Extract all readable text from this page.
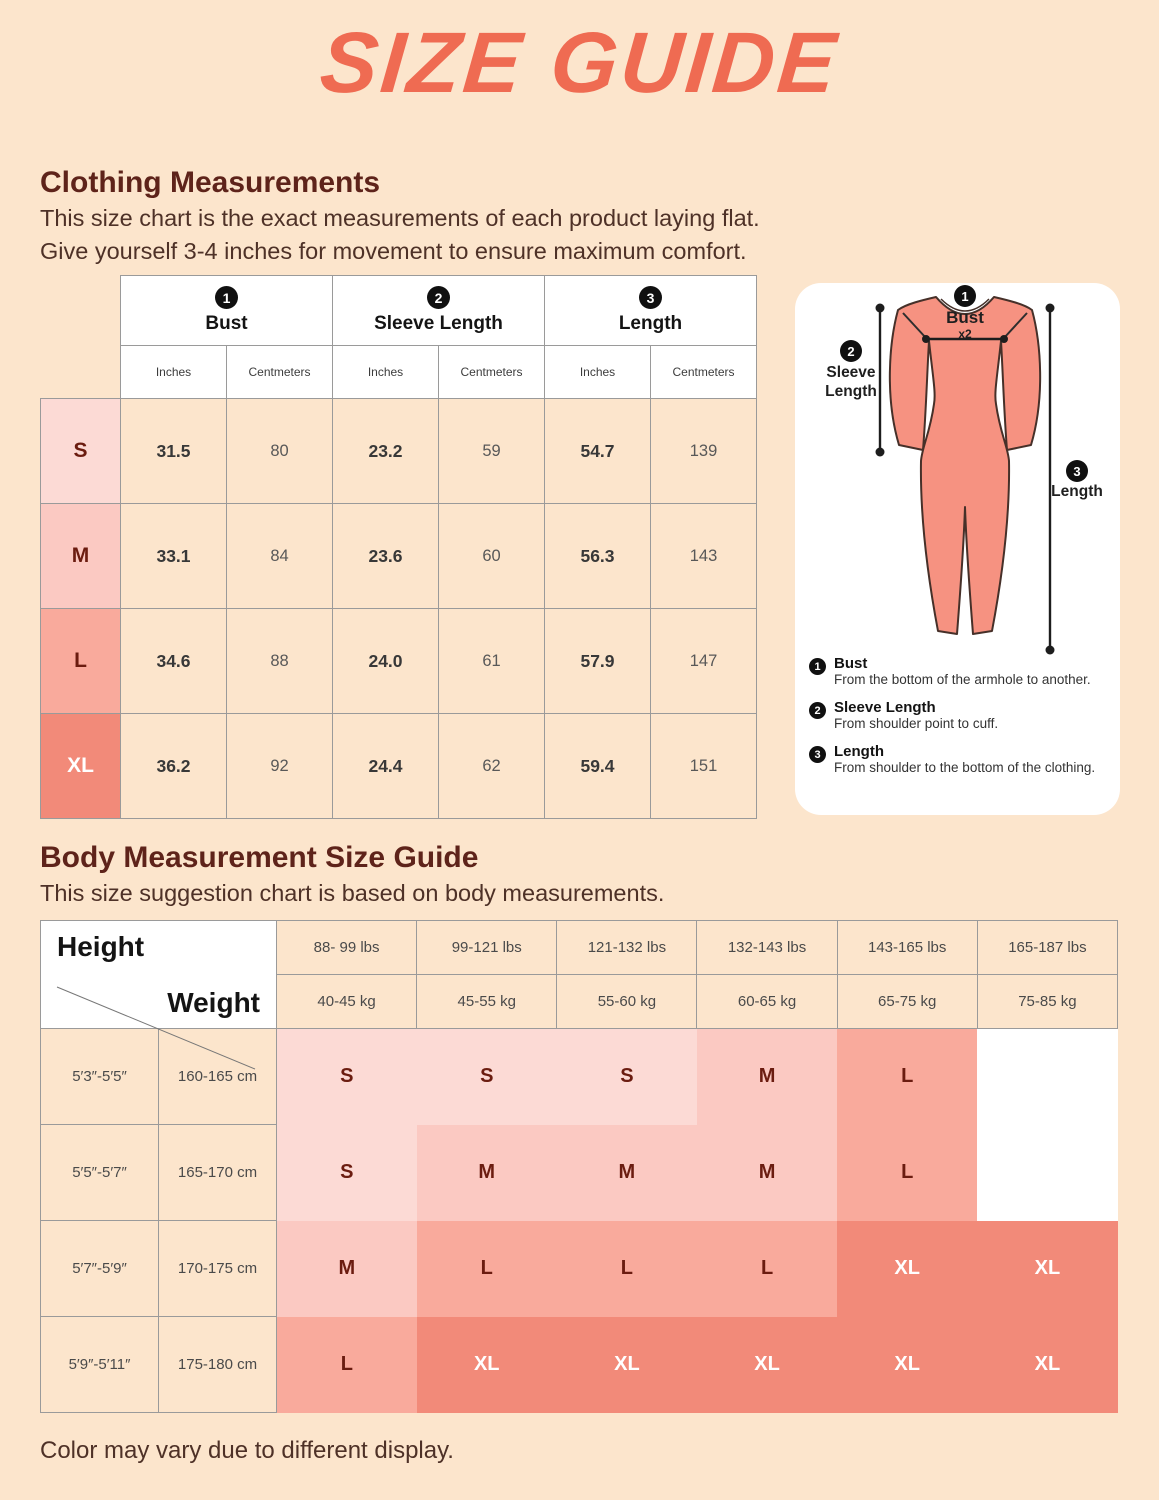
SIZE GUIDE
Clothing Measurements
This size chart is the exact measurements of each product laying flat.
Give yourself 3-4 inches for movement to ensure maximum comfort.

1
Bust		2
Sleeve Length		3
Length	

	Inches	Centmeters	Inches	Centmeters	Inches	Centmeters
S	31.5	80	23.2	59	54.7	139
M	33.1	84	23.6	60	56.3	143
L	34.6	88	24.0	61	57.9	147
XL	36.2	92	24.4	62	59.4	151
1
Bust
x2
2
Sleeve
Length
3
Length
1 Bust
From the bottom of the armhole to another.
2 Sleeve Length
From shoulder point to cuff.
3 Length
From shoulder to the bottom of the clothing.
Body Measurement Size Guide
This size suggestion chart is based on body measurements.
Weight
Height		88- 99 lbs	99-121 lbs	121-132 lbs	132-143 lbs	143-165 lbs	165-187 lbs
		40-45 kg	45-55 kg	55-60 kg	60-65 kg	65-75 kg	75-85 kg
5′3″-5′5″	160-165 cm	S	S	S	M	L	
5′5″-5′7″	165-170 cm	S	M	M	M	L	
5′7″-5′9″	170-175 cm	M	L	L	L	XL	XL
5′9″-5′11″	175-180 cm	L	XL	XL	XL	XL	XL
Color may vary due to different display.
